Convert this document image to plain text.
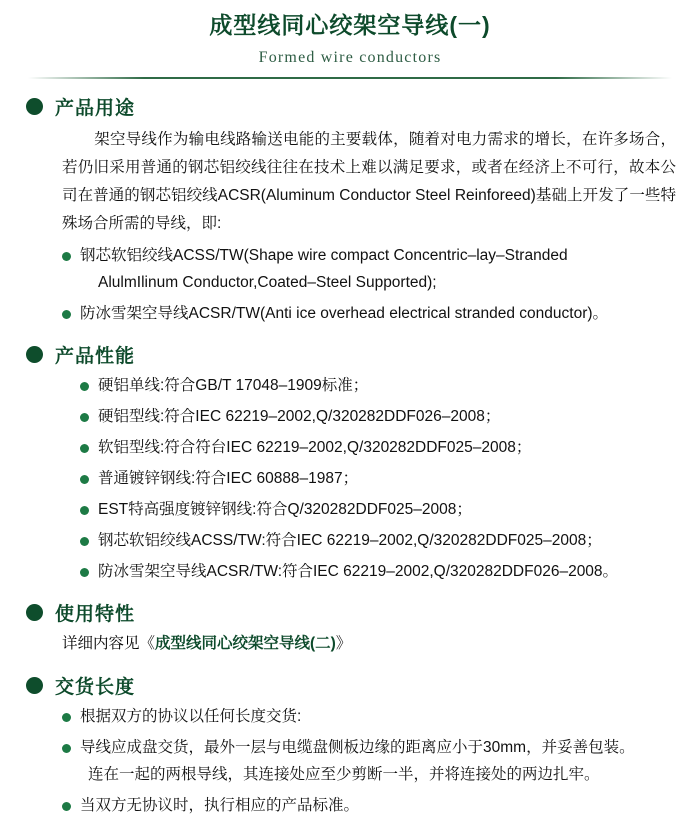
成型线同心绞架空导线(一)
Formed wire conductors
产品用途
架空导线作为输电线路输送电能的主要载体，随着对电力需求的增长，在许多场合，若仍旧采用普通的钢芯铝绞线往往在技术上难以满足要求，或者在经济上不可行，故本公司在普通的钢芯铝绞线ACSR(Aluminum Conductor Steel Reinforeed)基础上开发了一些特殊场合所需的导线，即:
钢芯软铝绞线ACSS/TW(Shape wire compact Concentric–lay–Stranded
AlulmIlinum Conductor,Coated–Steel Supported);
防冰雪架空导线ACSR/TW(Anti ice overhead electrical stranded conductor)。
产品性能
硬铝单线:符合GB/T 17048–1909标准；
硬铝型线:符合IEC 62219–2002,Q/320282DDF026–2008；
软铝型线:符合符台IEC 62219–2002,Q/320282DDF025–2008；
普通镀锌钢线:符合IEC 60888–1987；
EST特高强度镀锌钢线:符合Q/320282DDF025–2008；
钢芯软铝绞线ACSS/TW:符合IEC 62219–2002,Q/320282DDF025–2008；
防冰雪架空导线ACSR/TW:符合IEC 62219–2002,Q/320282DDF026–2008。
使用特性
详细内容见《成型线同心绞架空导线(二)》
交货长度
根据双方的协议以任何长度交货:
导线应成盘交货，最外一层与电缆盘侧板边缘的距离应小于30mm，并妥善包装。
连在一起的两根导线，其连接处应至少剪断一半，并将连接处的两边扎牢。
当双方无协议时，执行相应的产品标准。
